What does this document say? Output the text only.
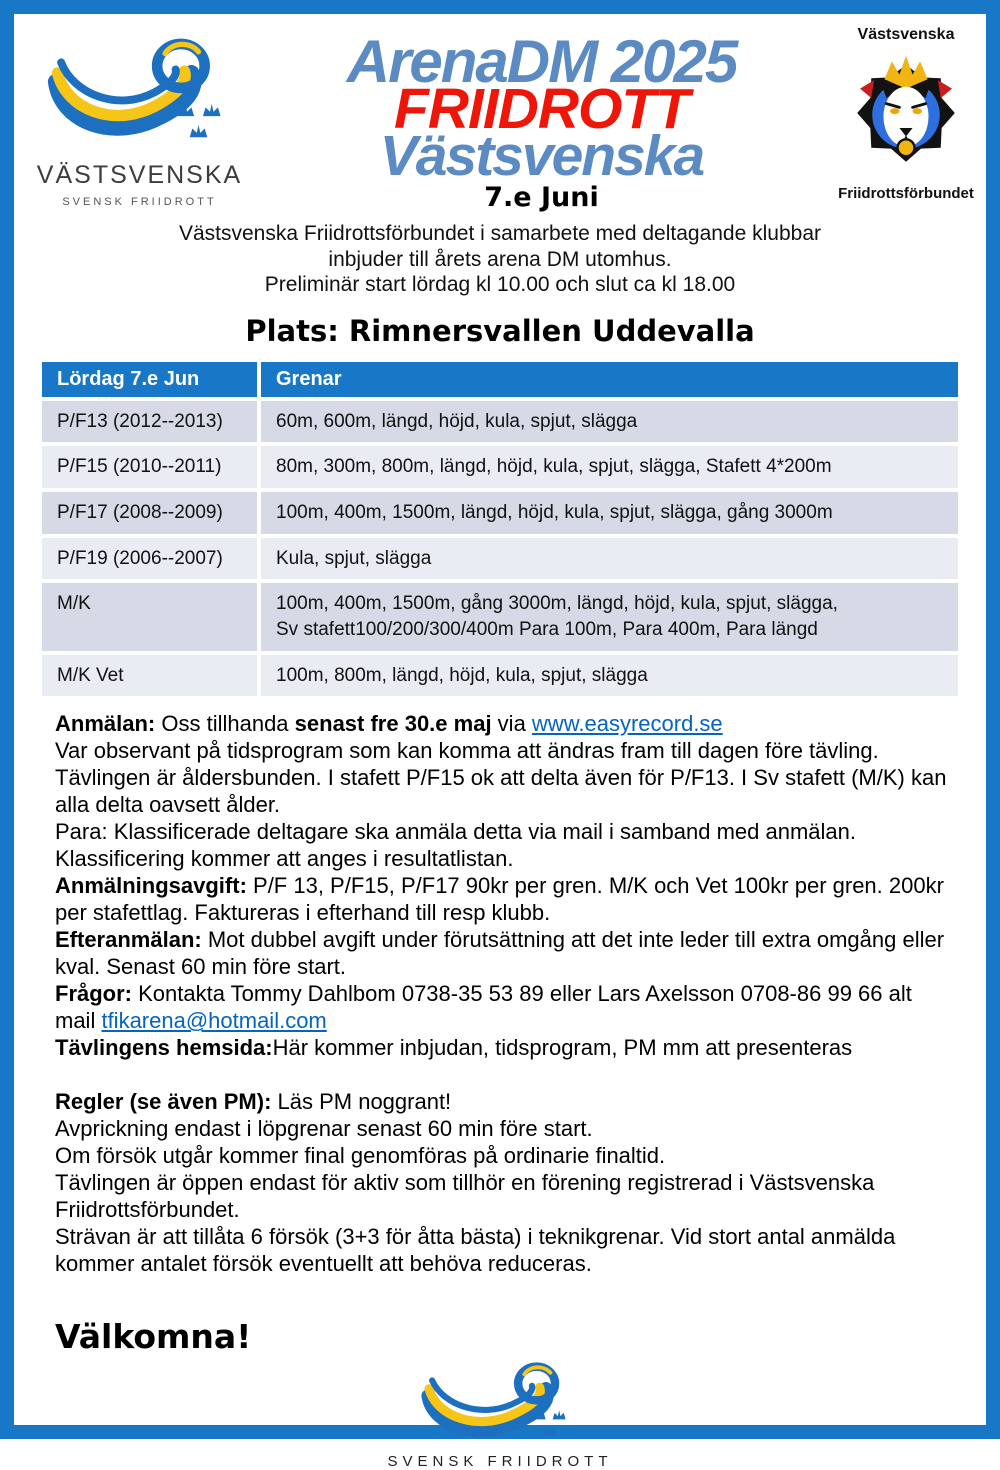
VÄSTSVENSKA
SVENSK FRIIDROTT
ArenaDM 2025
FRIIDROTT
Västsvenska
7.e Juni
Västsvenska
Friidrottsförbundet
Västsvenska Friidrottsförbundet i samarbete med deltagande klubbar
inbjuder till årets arena DM utomhus.
Preliminär start lördag kl 10.00 och slut ca kl 18.00
Plats: Rimnersvallen Uddevalla
Lördag 7.e Jun	Grenar
P/F13 (2012--2013)	60m, 600m, längd, höjd, kula, spjut, slägga
P/F15 (2010--2011)	80m, 300m, 800m, längd, höjd, kula, spjut, slägga, Stafett 4*200m
P/F17 (2008--2009)	100m, 400m, 1500m, längd, höjd, kula, spjut, slägga, gång 3000m
P/F19 (2006--2007)	Kula, spjut, slägga
M/K	100m, 400m, 1500m, gång 3000m, längd, höjd, kula, spjut, slägga,
Sv stafett100/200/300/400m Para 100m, Para 400m, Para längd
M/K Vet	100m, 800m, längd, höjd, kula, spjut, slägga
Anmälan: Oss tillhanda senast fre 30.e maj via www.easyrecord.se
Var observant på tidsprogram som kan komma att ändras fram till dagen före tävling. Tävlingen är åldersbunden. I stafett P/F15 ok att delta även för P/F13. I Sv stafett (M/K) kan alla delta oavsett ålder.
Para: Klassificerade deltagare ska anmäla detta via mail i samband med anmälan. Klassificering kommer att anges i resultatlistan.
Anmälningsavgift: P/F 13, P/F15, P/F17 90kr per gren. M/K och Vet 100kr per gren. 200kr per stafettlag. Faktureras i efterhand till resp klubb.
Efteranmälan: Mot dubbel avgift under förutsättning att det inte leder till extra omgång eller kval. Senast 60 min före start.
Frågor: Kontakta Tommy Dahlbom 0738-35 53 89 eller Lars Axelsson 0708-86 99 66 alt mail tfikarena@hotmail.com
Tävlingens hemsida:Här kommer inbjudan, tidsprogram, PM mm att presenteras
Regler (se även PM): Läs PM noggrant!
Avprickning endast i löpgrenar senast 60 min före start.
Om försök utgår kommer final genomföras på ordinarie finaltid.
Tävlingen är öppen endast för aktiv som tillhör en förening registrerad i Västsvenska Friidrottsförbundet.
Strävan är att tillåta 6 försök (3+3 för åtta bästa) i teknikgrenar. Vid stort antal anmälda kommer antalet försök eventuellt att behöva reduceras.
Välkomna!
SVENSK FRIIDROTT
